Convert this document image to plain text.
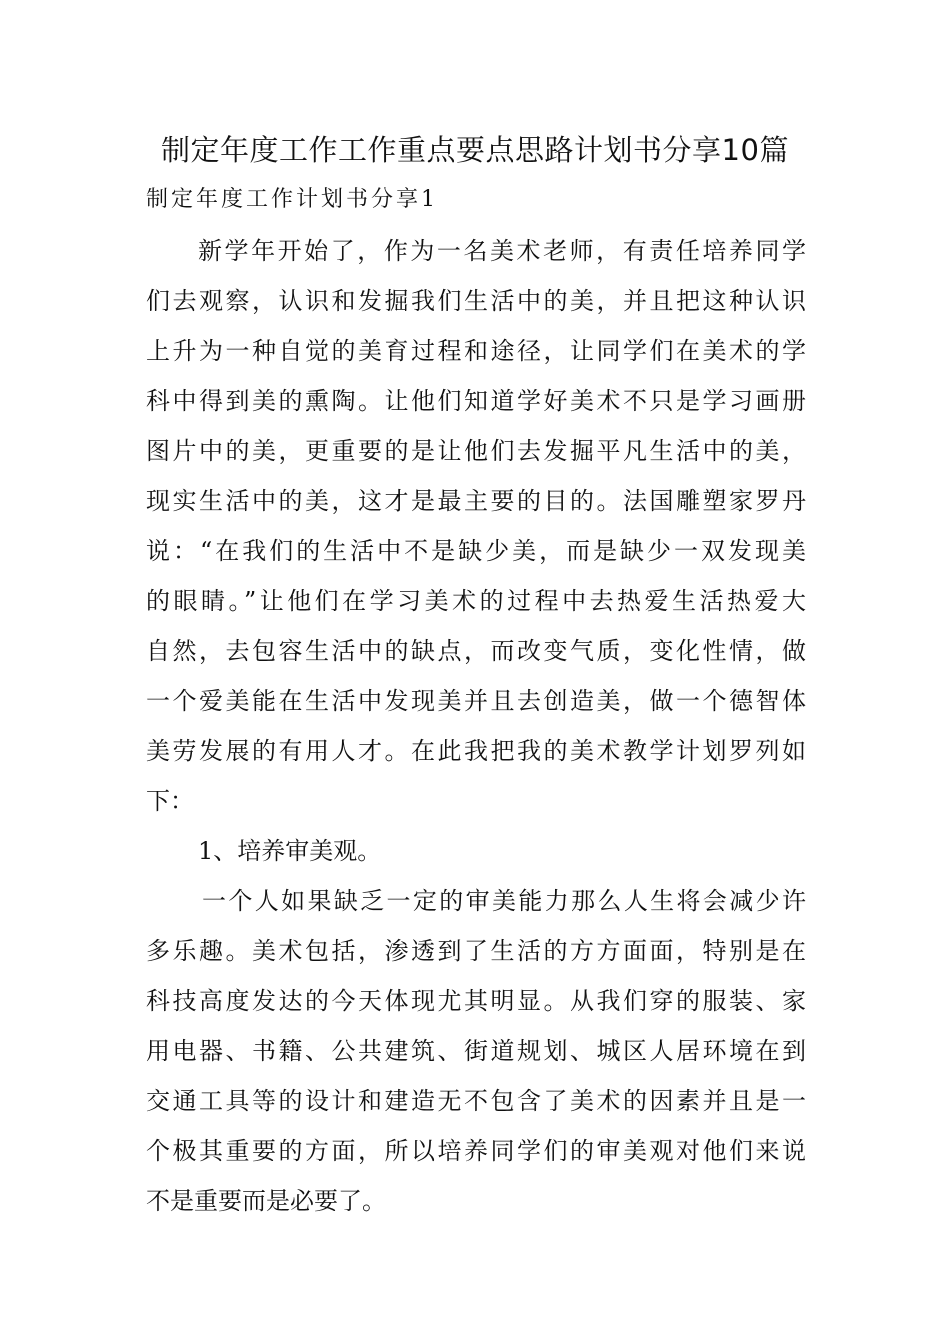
制定年度工作工作重点要点思路计划书分享10篇
制定年度工作计划书分享1
新学年开始了，作为一名美术老师，有责任培养同学
们去观察，认识和发掘我们生活中的美，并且把这种认识
上升为一种自觉的美育过程和途径，让同学们在美术的学
科中得到美的熏陶。让他们知道学好美术不只是学习画册
图片中的美，更重要的是让他们去发掘平凡生活中的美，
现实生活中的美，这才是最主要的目的。法国雕塑家罗丹
说：“在我们的生活中不是缺少美，而是缺少一双发现美
的眼睛。”让他们在学习美术的过程中去热爱生活热爱大
自然，去包容生活中的缺点，而改变气质，变化性情，做
一个爱美能在生活中发现美并且去创造美，做一个德智体
美劳发展的有用人才。在此我把我的美术教学计划罗列如
下：
1、培养审美观。
一个人如果缺乏一定的审美能力那么人生将会减少许
多乐趣。美术包括，渗透到了生活的方方面面，特别是在
科技高度发达的今天体现尤其明显。从我们穿的服装、家
用电器、书籍、公共建筑、街道规划、城区人居环境在到
交通工具等的设计和建造无不包含了美术的因素并且是一
个极其重要的方面，所以培养同学们的审美观对他们来说
不是重要而是必要了。
